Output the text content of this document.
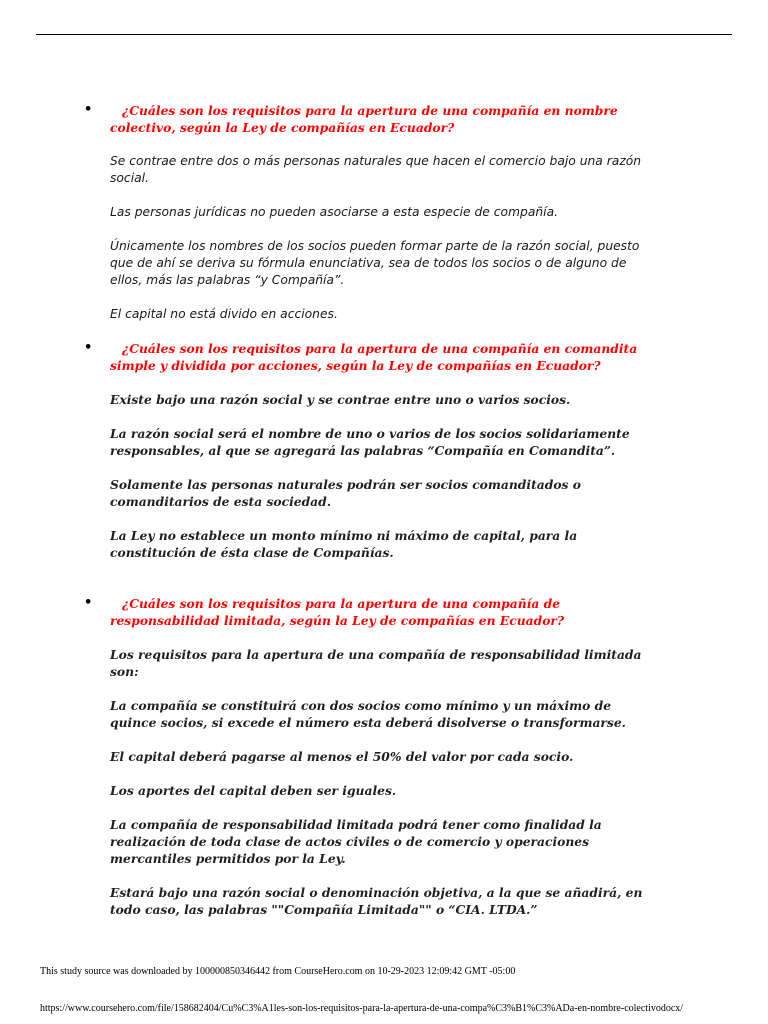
•	¿Cuáles son los requisitos para la apertura de una compañía en nombre colectivo, según la Ley de compañías en Ecuador?

Se contrae entre dos o más personas naturales que hacen el comercio bajo una razón social.

Las personas jurídicas no pueden asociarse a esta especie de compañía.

Únicamente los nombres de los socios pueden formar parte de la razón social, puesto que de ahí se deriva su fórmula enunciativa, sea de todos los socios o de alguno de ellos, más las palabras “y Compañía”.

El capital no está divido en acciones.

•	¿Cuáles son los requisitos para la apertura de una compañía en comandita simple y dividida por acciones, según la Ley de compañías en Ecuador?

Existe bajo una razón social y se contrae entre uno o varios socios.

La razón social será el nombre de uno o varios de los socios solidariamente responsables, al que se agregará las palabras “Compañía en Comandita”.

Solamente las personas naturales podrán ser socios comanditados o comanditarios de esta sociedad.

La Ley no establece un monto mínimo ni máximo de capital, para la constitución de ésta clase de Compañías.

•	¿Cuáles son los requisitos para la apertura de una compañía de responsabilidad limitada, según la Ley de compañías en Ecuador?

Los requisitos para la apertura de una compañía de responsabilidad limitada son:

La compañía se constituirá con dos socios como mínimo y un máximo de quince socios, si excede el número esta deberá disolverse o transformarse.

El capital deberá pagarse al menos el 50% del valor por cada socio.

Los aportes del capital deben ser iguales.

La compañía de responsabilidad limitada podrá tener como finalidad la realización de toda clase de actos civiles o de comercio y operaciones mercantiles permitidos por la Ley.

Estará bajo una razón social o denominación objetiva, a la que se añadirá, en todo caso, las palabras ""Compañía Limitada"" o “CIA. LTDA.”

This study source was downloaded by 100000850346442 from CourseHero.com on 10-29-2023 12:09:42 GMT -05:00
https://www.coursehero.com/file/158682404/Cu%C3%A1les-son-los-requisitos-para-la-apertura-de-una-compa%C3%B1%C3%ADa-en-nombre-colectivodocx/
